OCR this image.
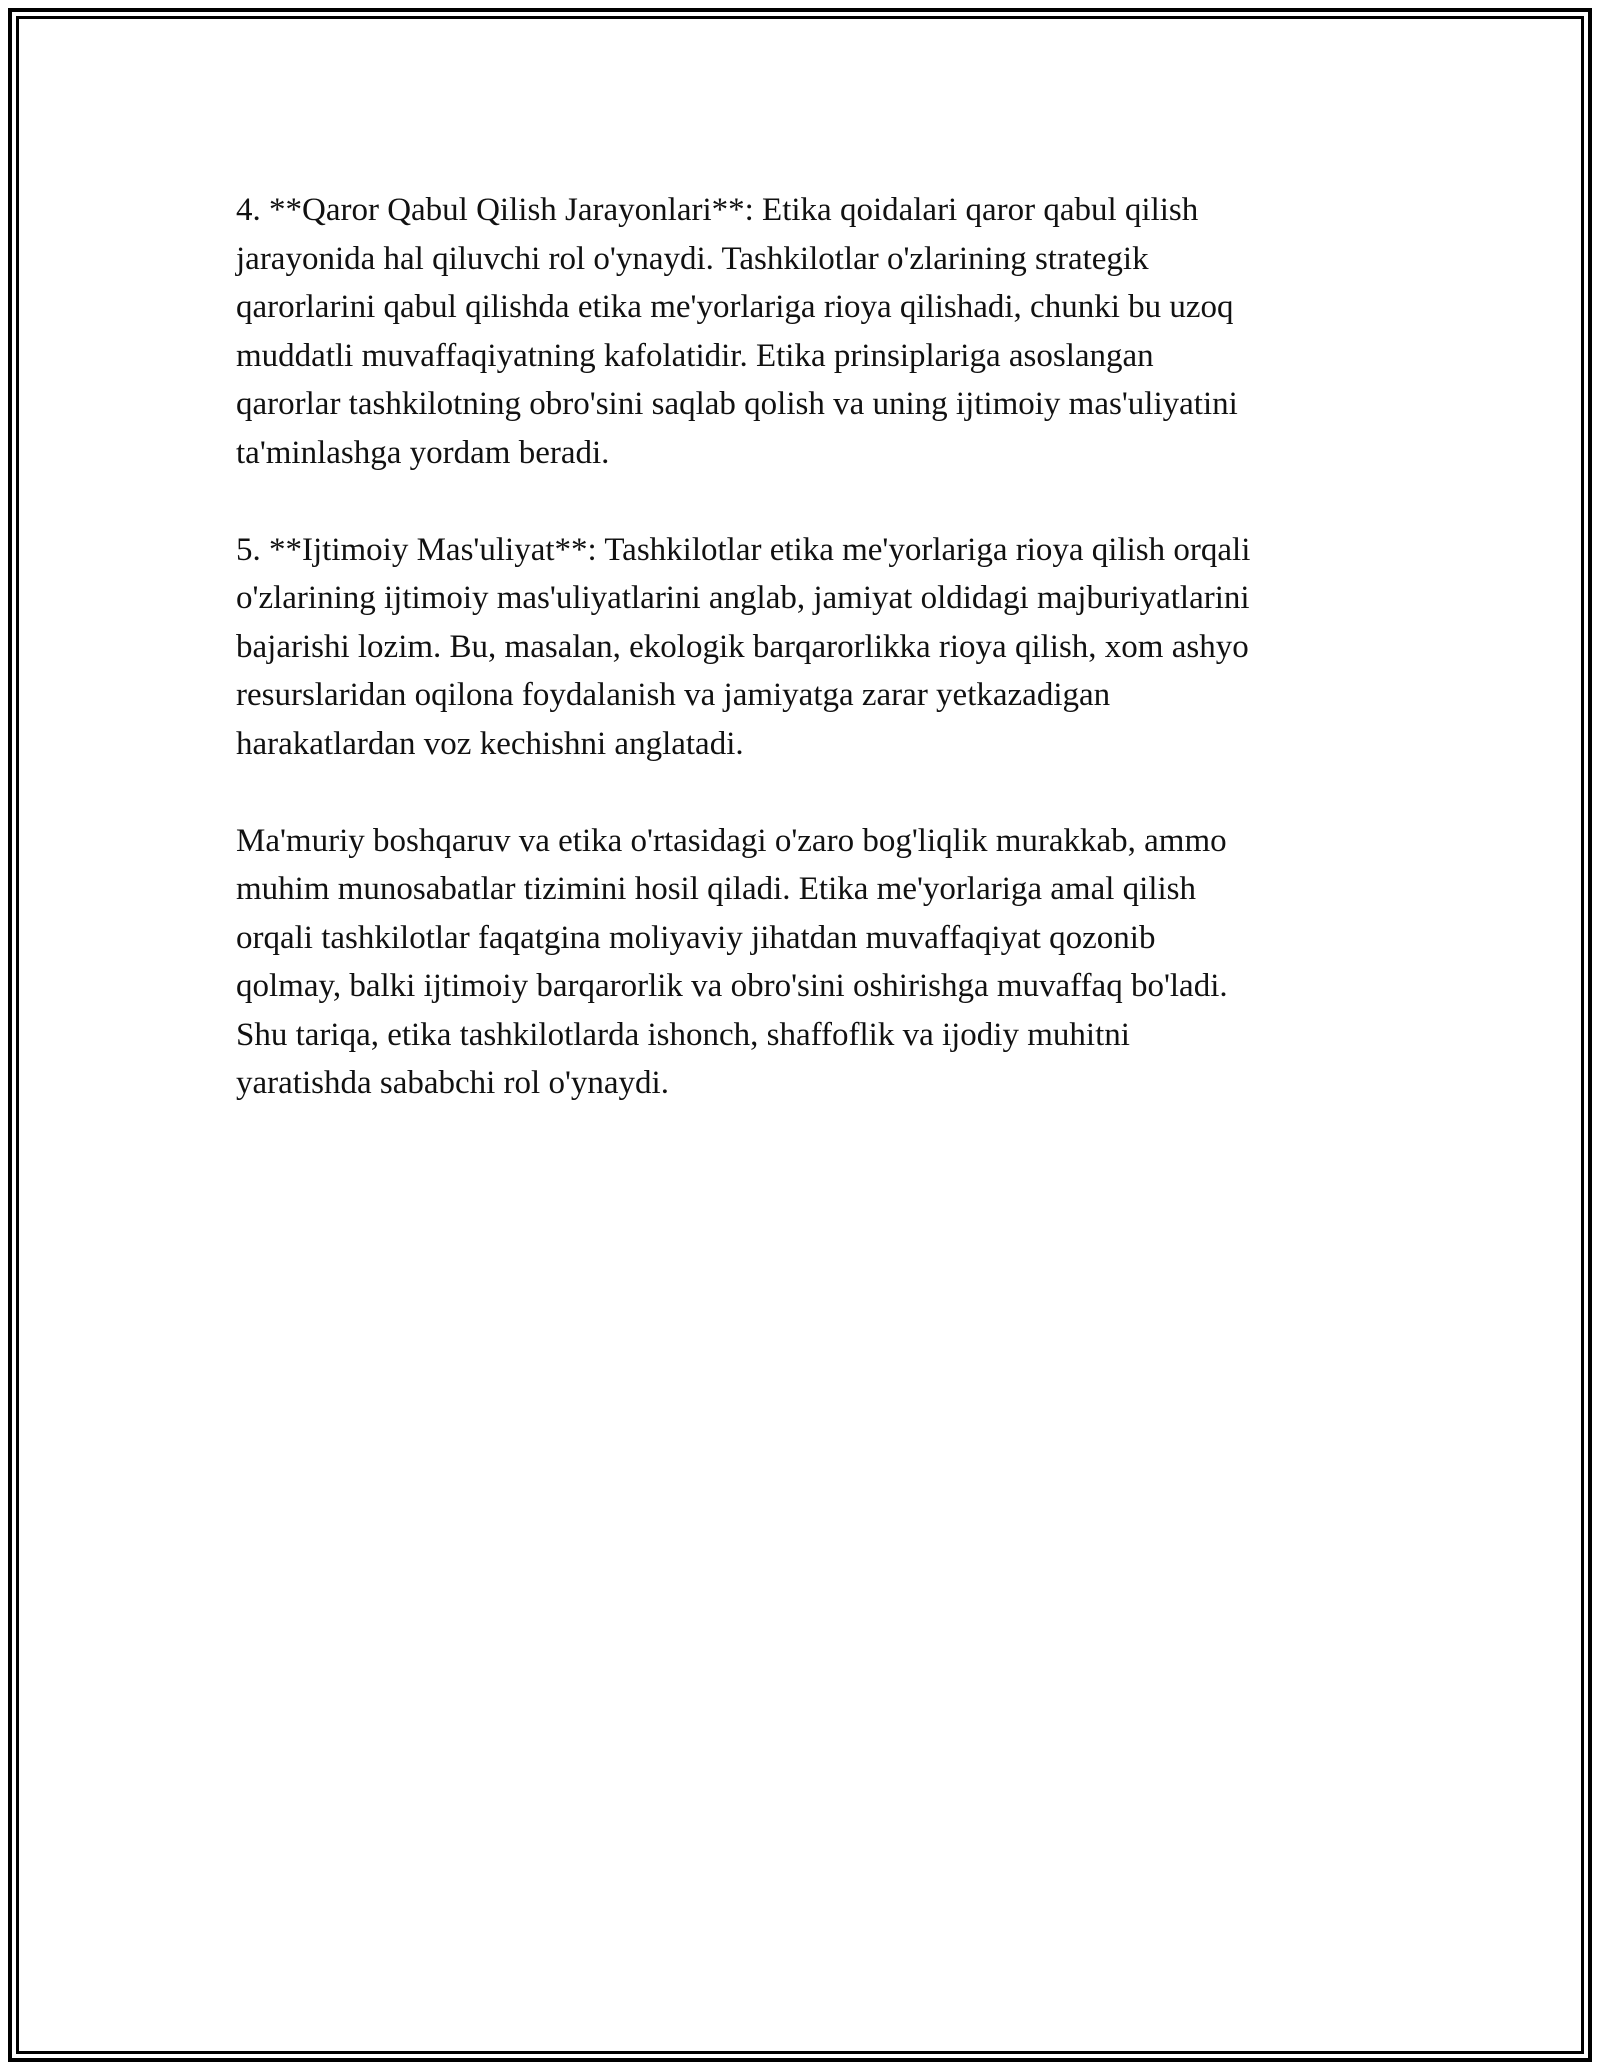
4. **Qaror Qabul Qilish Jarayonlari**: Etika qoidalari qaror qabul qilish
jarayonida hal qiluvchi rol o'ynaydi. Tashkilotlar o'zlarining strategik
qarorlarini qabul qilishda etika me'yorlariga rioya qilishadi, chunki bu uzoq
muddatli muvaffaqiyatning kafolatidir. Etika prinsiplariga asoslangan
qarorlar tashkilotning obro'sini saqlab qolish va uning ijtimoiy mas'uliyatini
ta'minlashga yordam beradi.

5. **Ijtimoiy Mas'uliyat**: Tashkilotlar etika me'yorlariga rioya qilish orqali
o'zlarining ijtimoiy mas'uliyatlarini anglab, jamiyat oldidagi majburiyatlarini
bajarishi lozim. Bu, masalan, ekologik barqarorlikka rioya qilish, xom ashyo
resurslaridan oqilona foydalanish va jamiyatga zarar yetkazadigan
harakatlardan voz kechishni anglatadi.

Ma'muriy boshqaruv va etika o'rtasidagi o'zaro bog'liqlik murakkab, ammo
muhim munosabatlar tizimini hosil qiladi. Etika me'yorlariga amal qilish
orqali tashkilotlar faqatgina moliyaviy jihatdan muvaffaqiyat qozonib
qolmay, balki ijtimoiy barqarorlik va obro'sini oshirishga muvaffaq bo'ladi.
Shu tariqa, etika tashkilotlarda ishonch, shaffoflik va ijodiy muhitni
yaratishda sababchi rol o'ynaydi.
